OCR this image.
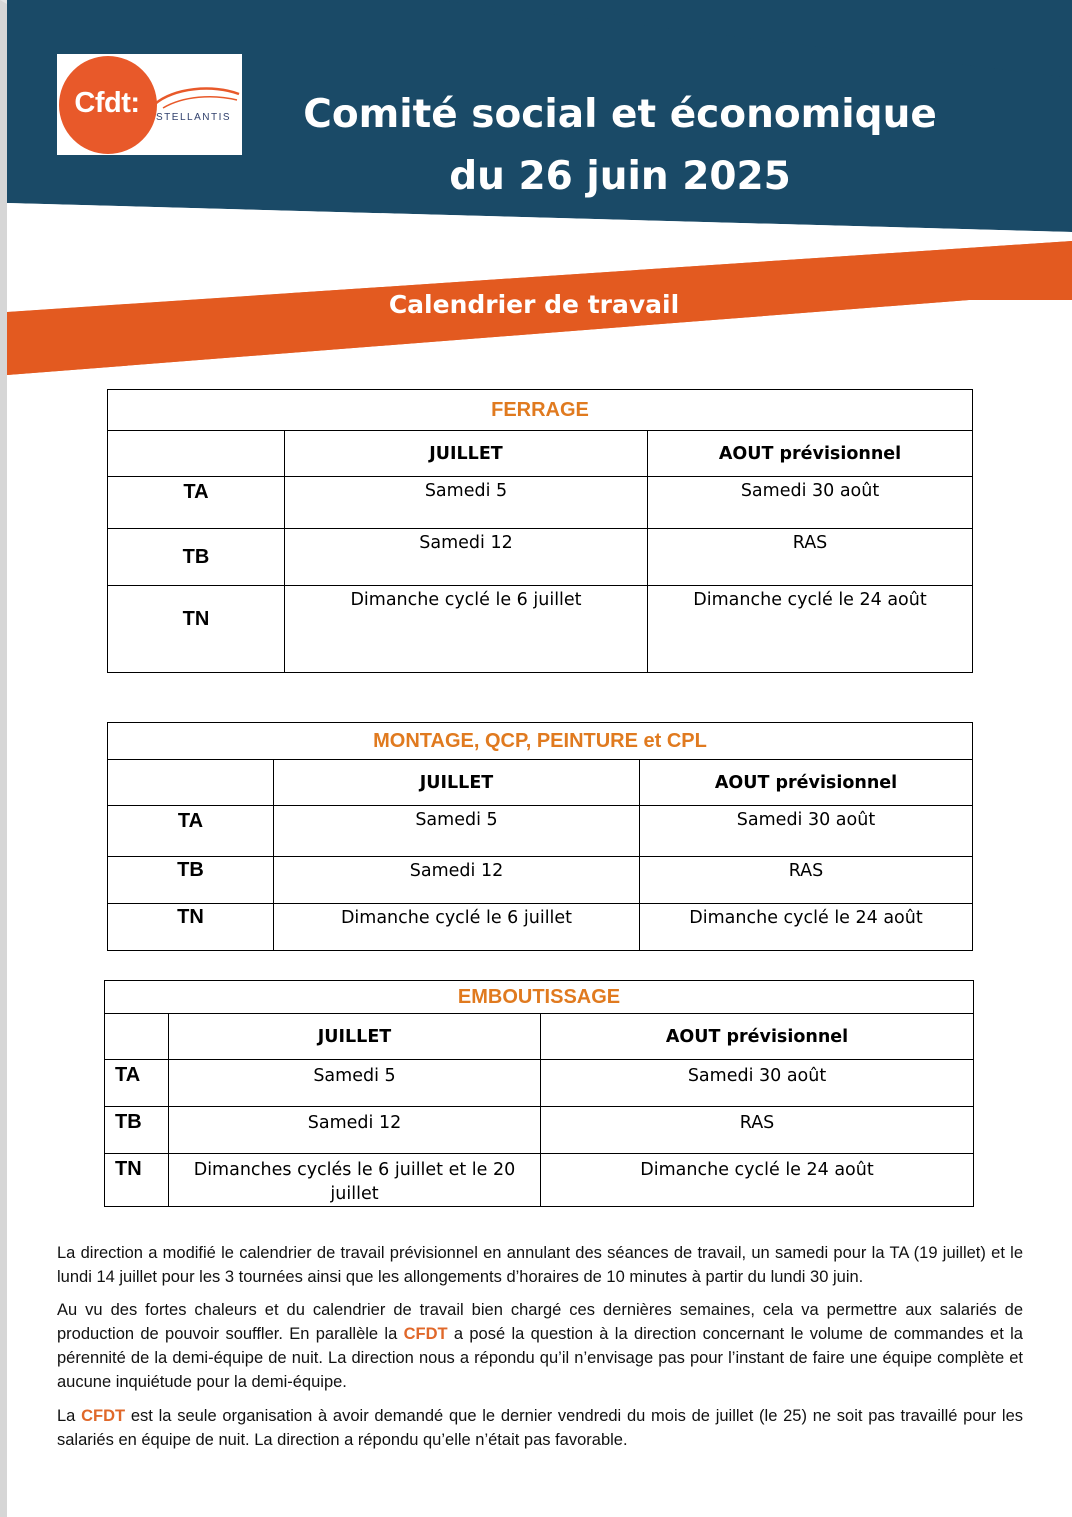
Cfdt:	STELLANTIS	Comité social et économique
du 26 juin 2025
Calendrier de travail
FERRAGE		
	JUILLET	AOUT prévisionnel
TA	Samedi 5	Samedi 30 août
TB	Samedi 12	RAS
TN	Dimanche cyclé le 6 juillet	Dimanche cyclé le 24 août
MONTAGE, QCP, PEINTURE et CPL		
	JUILLET	AOUT prévisionnel
TA	Samedi 5	Samedi 30 août
TB	Samedi 12	RAS
TN	Dimanche cyclé le 6 juillet	Dimanche cyclé le 24 août
EMBOUTISSAGE		
	JUILLET	AOUT prévisionnel
TA	Samedi 5	Samedi 30 août
TB	Samedi 12	RAS
TN	Dimanches cyclés le 6 juillet et le 20 juillet	Dimanche cyclé le 24 août

La direction a modifié le calendrier de travail prévisionnel en annulant des séances de travail, un samedi pour la TA (19 juillet) et le lundi 14 juillet pour les 3 tournées ainsi que les allongements d’horaires de 10 minutes à partir du lundi 30 juin.

Au vu des fortes chaleurs et du calendrier de travail bien chargé ces dernières semaines, cela va permettre aux salariés de production de pouvoir souffler. En parallèle la CFDT a posé la question à la direction concernant le volume de commandes et la pérennité de la demi-équipe de nuit. La direction nous a répondu qu’il n’envisage pas pour l’instant de faire une équipe complète et aucune inquiétude pour la demi-équipe.

La CFDT est la seule organisation à avoir demandé que le dernier vendredi du mois de juillet (le 25) ne soit pas travaillé pour les salariés en équipe de nuit. La direction a répondu qu’elle n’était pas favorable.
